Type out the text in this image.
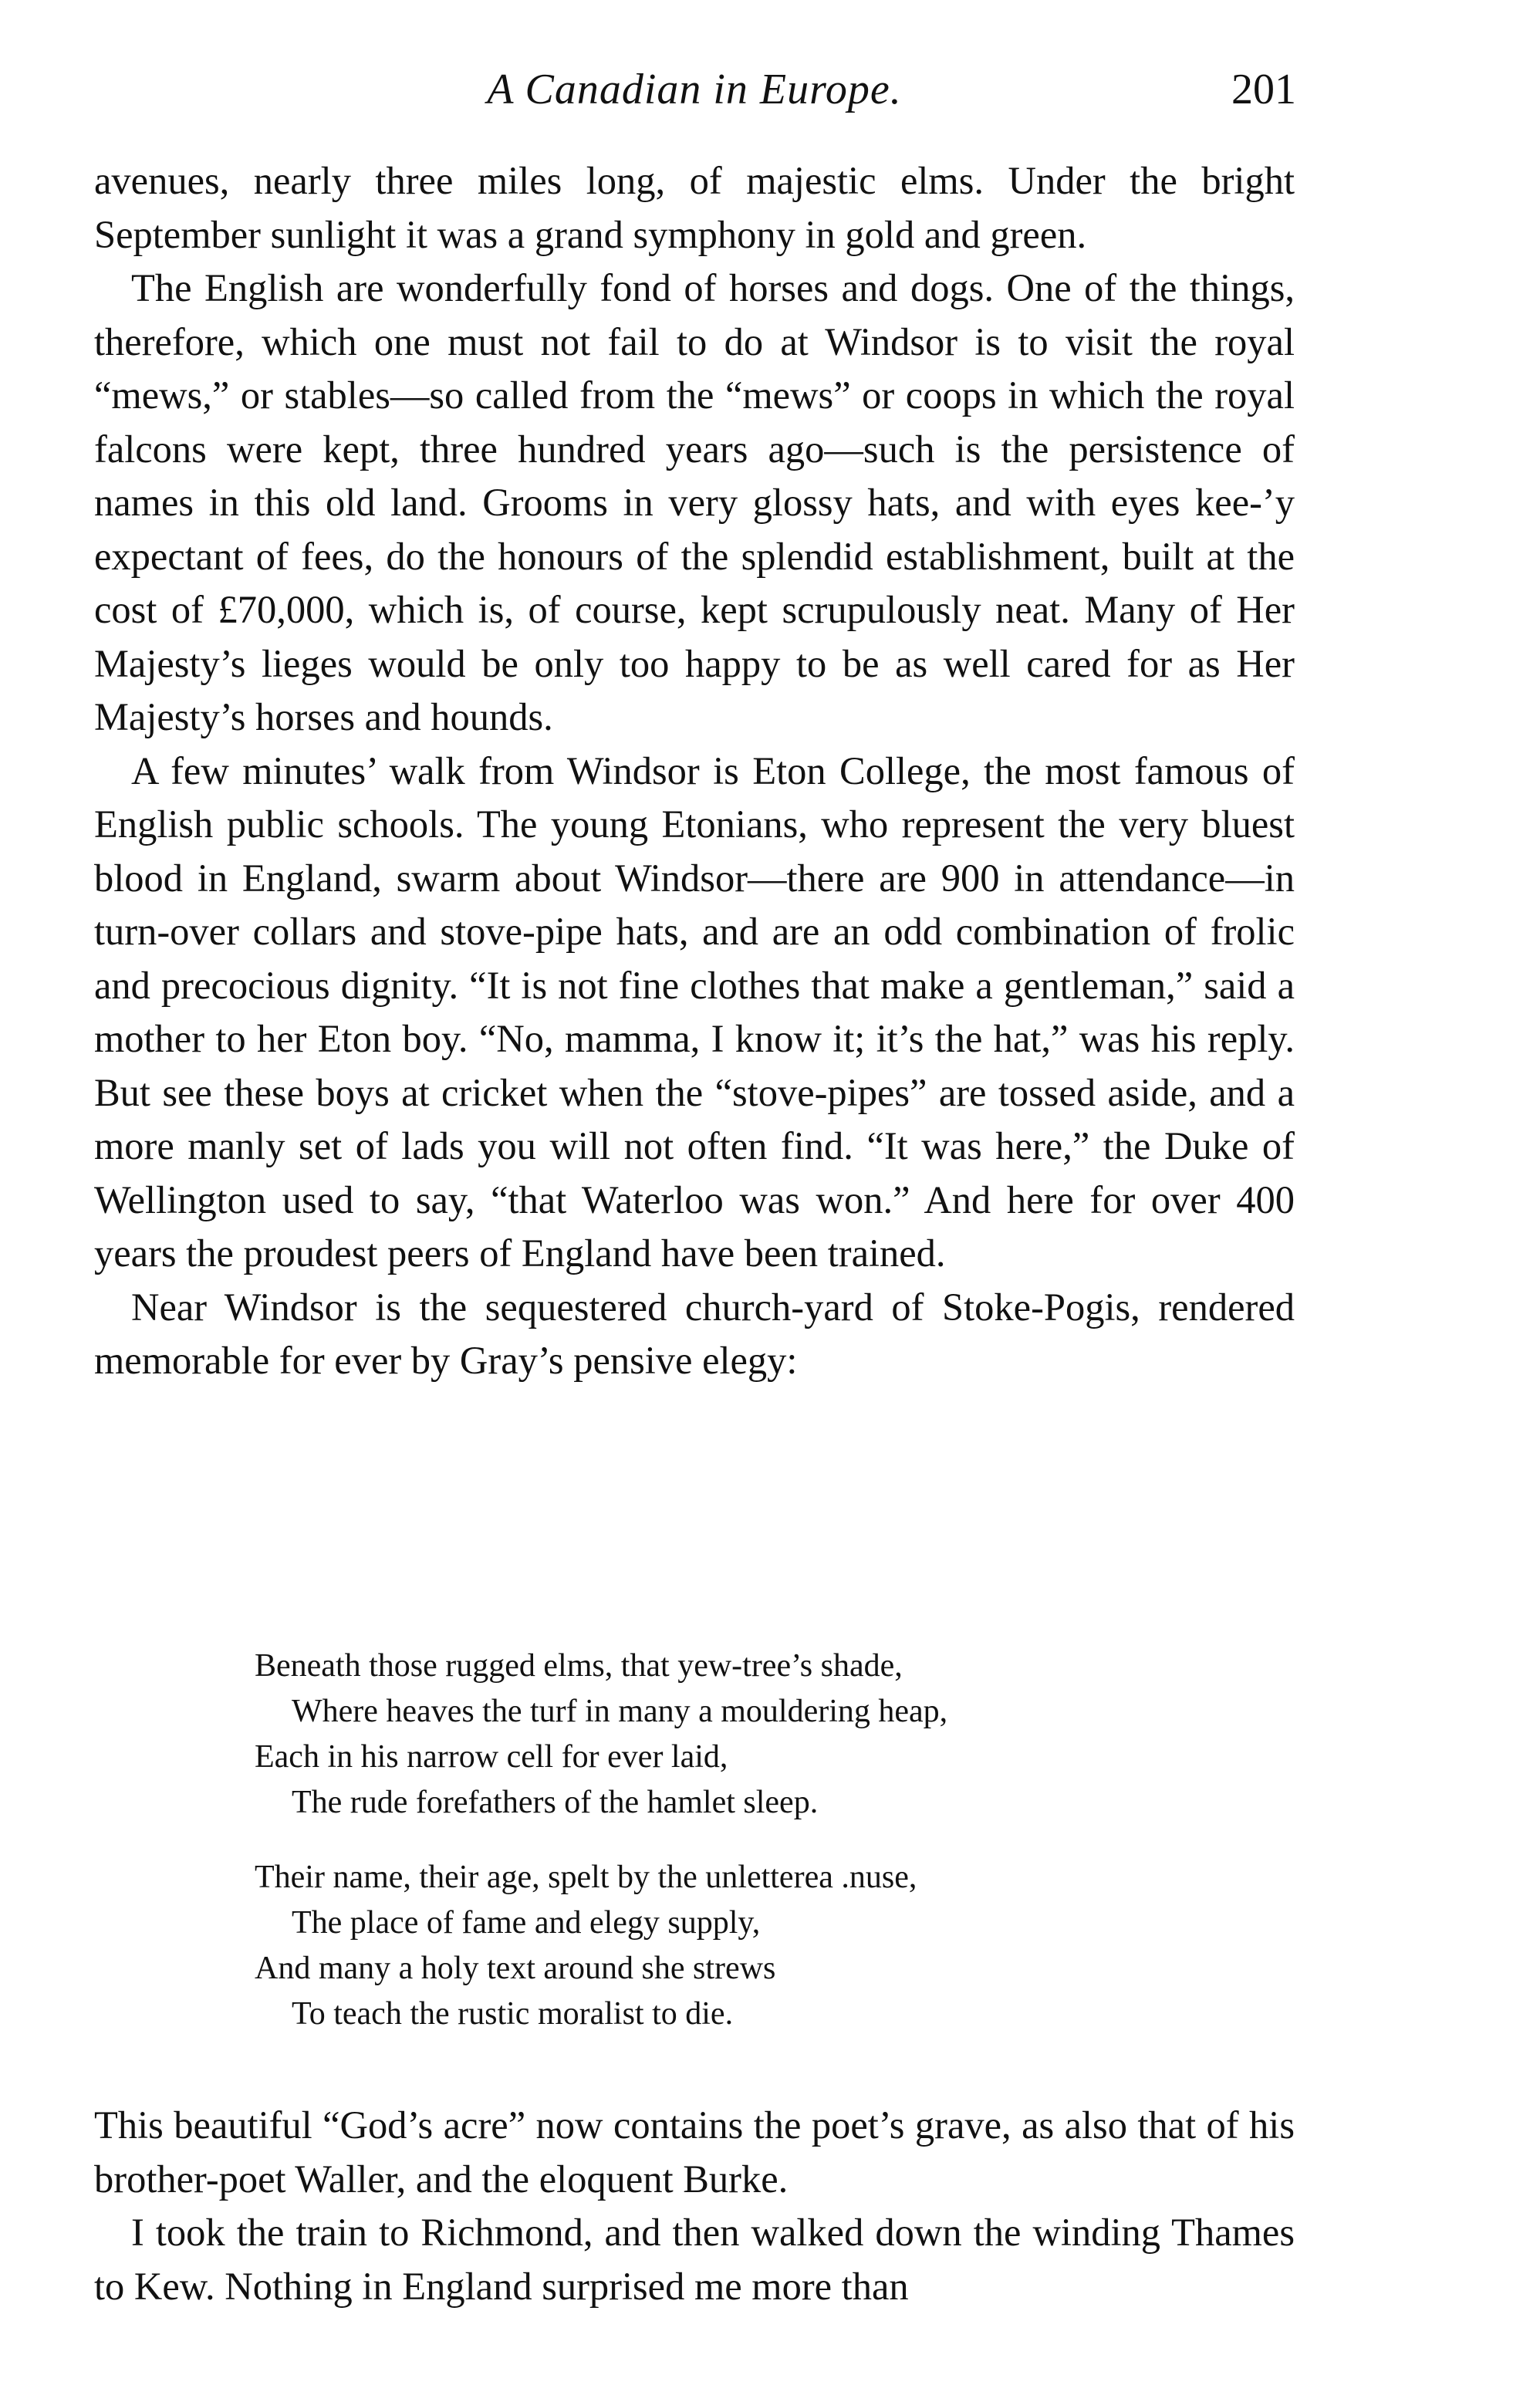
A Canadian in Europe.	201

avenues, nearly three miles long, of majestic elms. Under the bright September sunlight it was a grand symphony in gold and green.

The English are wonderfully fond of horses and dogs. One of the things, therefore, which one must not fail to do at Windsor is to visit the royal “mews,” or stables—so called from the “mews” or coops in which the royal falcons were kept, three hundred years ago—such is the persistence of names in this old land. Grooms in very glossy hats, and with eyes kee-’y expectant of fees, do the honours of the splendid establishment, built at the cost of £70,000, which is, of course, kept scrupulously neat. Many of Her Majesty’s lieges would be only too happy to be as well cared for as Her Majesty’s horses and hounds.

A few minutes’ walk from Windsor is Eton College, the most famous of English public schools. The young Etonians, who represent the very bluest blood in England, swarm about Windsor—there are 900 in attendance—in turn-over collars and stove-pipe hats, and are an odd combination of frolic and precocious dignity. “It is not fine clothes that make a gentleman,” said a mother to her Eton boy. “No, mamma, I know it; it’s the hat,” was his reply. But see these boys at cricket when the “stove-pipes” are tossed aside, and a more manly set of lads you will not often find. “It was here,” the Duke of Wellington used to say, “that Waterloo was won.” And here for over 400 years the proudest peers of England have been trained.

Near Windsor is the sequestered church-yard of Stoke-Pogis, rendered memorable for ever by Gray’s pensive elegy:

Beneath those rugged elms, that yew-tree’s shade,
Where heaves the turf in many a mouldering heap,
Each in his narrow cell for ever laid,
The rude forefathers of the hamlet sleep.
Their name, their age, spelt by the unletterea .nuse,
The place of fame and elegy supply,
And many a holy text around she strews
To teach the rustic moralist to die.

This beautiful “God’s acre” now contains the poet’s grave, as also that of his brother-poet Waller, and the eloquent Burke.

I took the train to Richmond, and then walked down the winding Thames to Kew. Nothing in England surprised me more than
